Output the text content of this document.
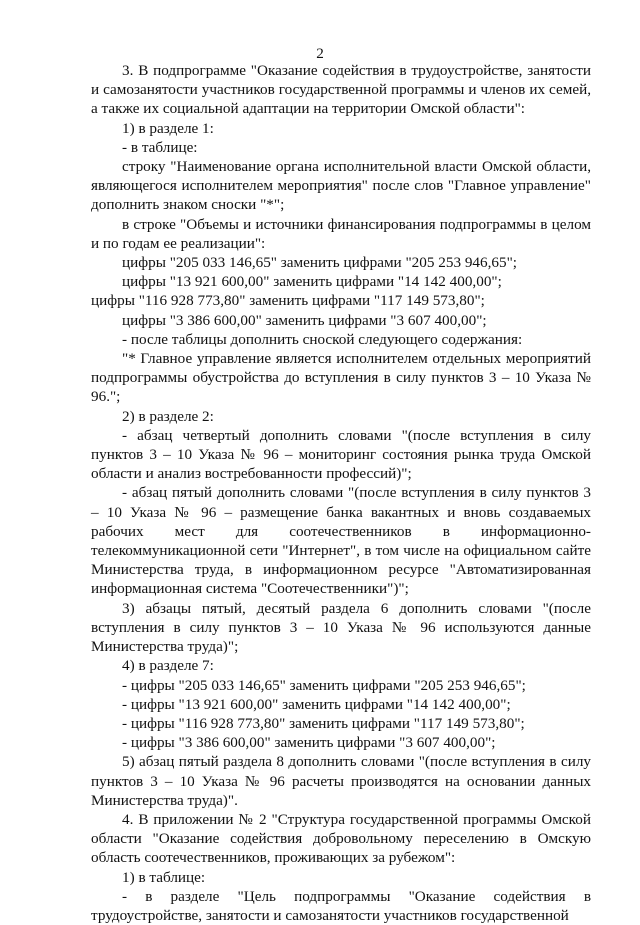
2

3. В подпрограмме "Оказание содействия в трудоустройстве, занятости и самозанятости участников государственной программы и членов их семей, а также их социальной адаптации на территории Омской области":

1) в разделе 1:

- в таблице:

строку "Наименование органа исполнительной власти Омской области, являющегося исполнителем мероприятия" после слов "Главное управление" дополнить знаком сноски "*";

в строке "Объемы и источники финансирования подпрограммы в целом и по годам ее реализации":

цифры "205 033 146,65" заменить цифрами "205 253 946,65";

цифры "13 921 600,00" заменить цифрами "14 142 400,00";

цифры "116 928 773,80" заменить цифрами "117 149 573,80";

цифры "3 386 600,00" заменить цифрами "3 607 400,00";

- после таблицы дополнить сноской следующего содержания:

"* Главное управление является исполнителем отдельных мероприятий подпрограммы обустройства до вступления в силу пунктов 3 – 10 Указа № 96.";

2) в разделе 2:

- абзац четвертый дополнить словами "(после вступления в силу пунктов 3 – 10 Указа № 96 – мониторинг состояния рынка труда Омской области и анализ востребованности профессий)";

- абзац пятый дополнить словами "(после вступления в силу пунктов 3 – 10 Указа № 96 – размещение банка вакантных и вновь создаваемых рабочих мест для соотечественников в информационно-телекоммуникационной сети "Интернет", в том числе на официальном сайте Министерства труда, в информационном ресурсе "Автоматизированная информационная система "Соотечественники")";

3) абзацы пятый, десятый раздела 6 дополнить словами "(после вступления в силу пунктов 3 – 10 Указа № 96 используются данные Министерства труда)";

4) в разделе 7:

- цифры "205 033 146,65" заменить цифрами "205 253 946,65";

- цифры "13 921 600,00" заменить цифрами "14 142 400,00";

- цифры "116 928 773,80" заменить цифрами "117 149 573,80";

- цифры "3 386 600,00" заменить цифрами "3 607 400,00";

5) абзац пятый раздела 8 дополнить словами "(после вступления в силу пунктов 3 – 10 Указа № 96 расчеты производятся на основании данных Министерства труда)".

4. В приложении № 2 "Структура государственной программы Омской области "Оказание содействия добровольному переселению в Омскую область соотечественников, проживающих за рубежом":

1) в таблице:

- в разделе "Цель подпрограммы "Оказание содействия в трудоустройстве, занятости и самозанятости участников государственной
